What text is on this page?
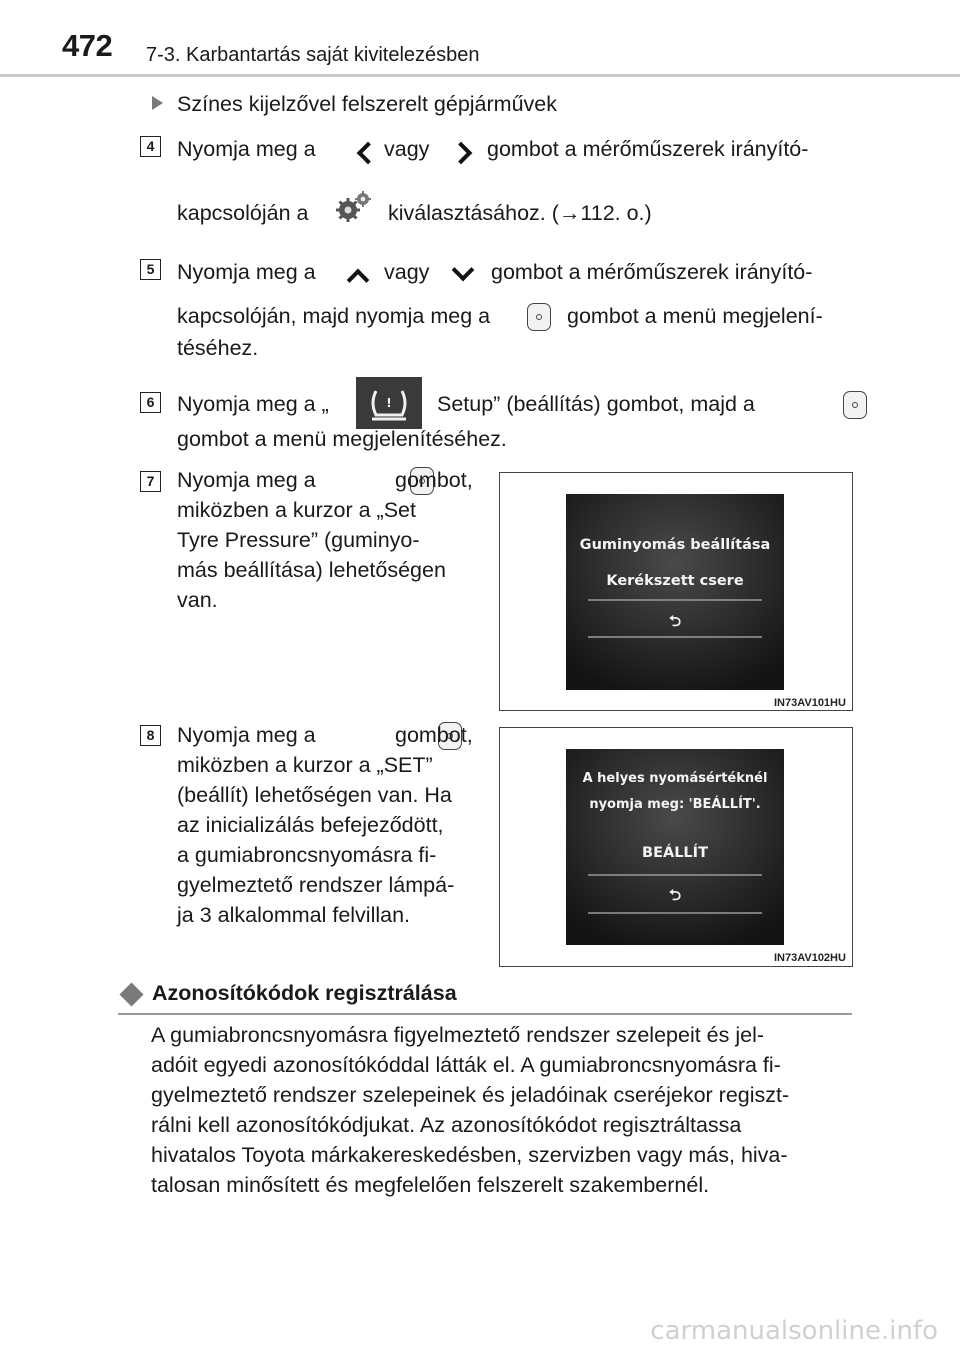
472 7-3. Karbantartás saját kivitelezésben
Színes kijelzővel felszerelt gépjárművek
4	Nyomja meg a	vagy	gombot a mérőműszerek irányító-
kapcsolóján a	kiválasztásához. (→112. o.)
5	Nyomja meg a	vagy	gombot a mérőműszerek irányító-
kapcsolóján, majd nyomja meg a
	gombot a menü megjelení-
téséhez.
6	Nyomja meg a „	! Setup” (beállítás) gombot, majd a

gombot a menü megjelenítéséhez.
7	Nyomja meg a
	gombot,
miközben a kurzor a „Set
Tyre Pressure” (guminyo-
más beállítása) lehetőségen
van.
Guminyomás beállítása
Kerékszett csere
⮌
IN73AV101HU
8	Nyomja meg a	gombot,
miközben a kurzor a „SET”
(beállít) lehetőségen van. Ha
az inicializálás befejeződött,
a gumiabroncsnyomásra fi-
gyelmeztető rendszer lámpá-
ja 3 alkalommal felvillan.
A helyes nyomásértéknél
nyomja meg: 'BEÁLLÍT'.
BEÁLLÍT
⮌
IN73AV102HU
Azonosítókódok regisztrálása
A gumiabroncsnyomásra figyelmeztető rendszer szelepeit és jel-
adóit egyedi azonosítókóddal látták el. A gumiabroncsnyomásra fi-
gyelmeztető rendszer szelepeinek és jeladóinak cseréjekor regiszt-
rálni kell azonosítókódjukat. Az azonosítókódot regisztráltassa
hivatalos Toyota márkakereskedésben, szervizben vagy más, hiva-
talosan minősített és megfelelően felszerelt szakembernél.
carmanualsonline.info
